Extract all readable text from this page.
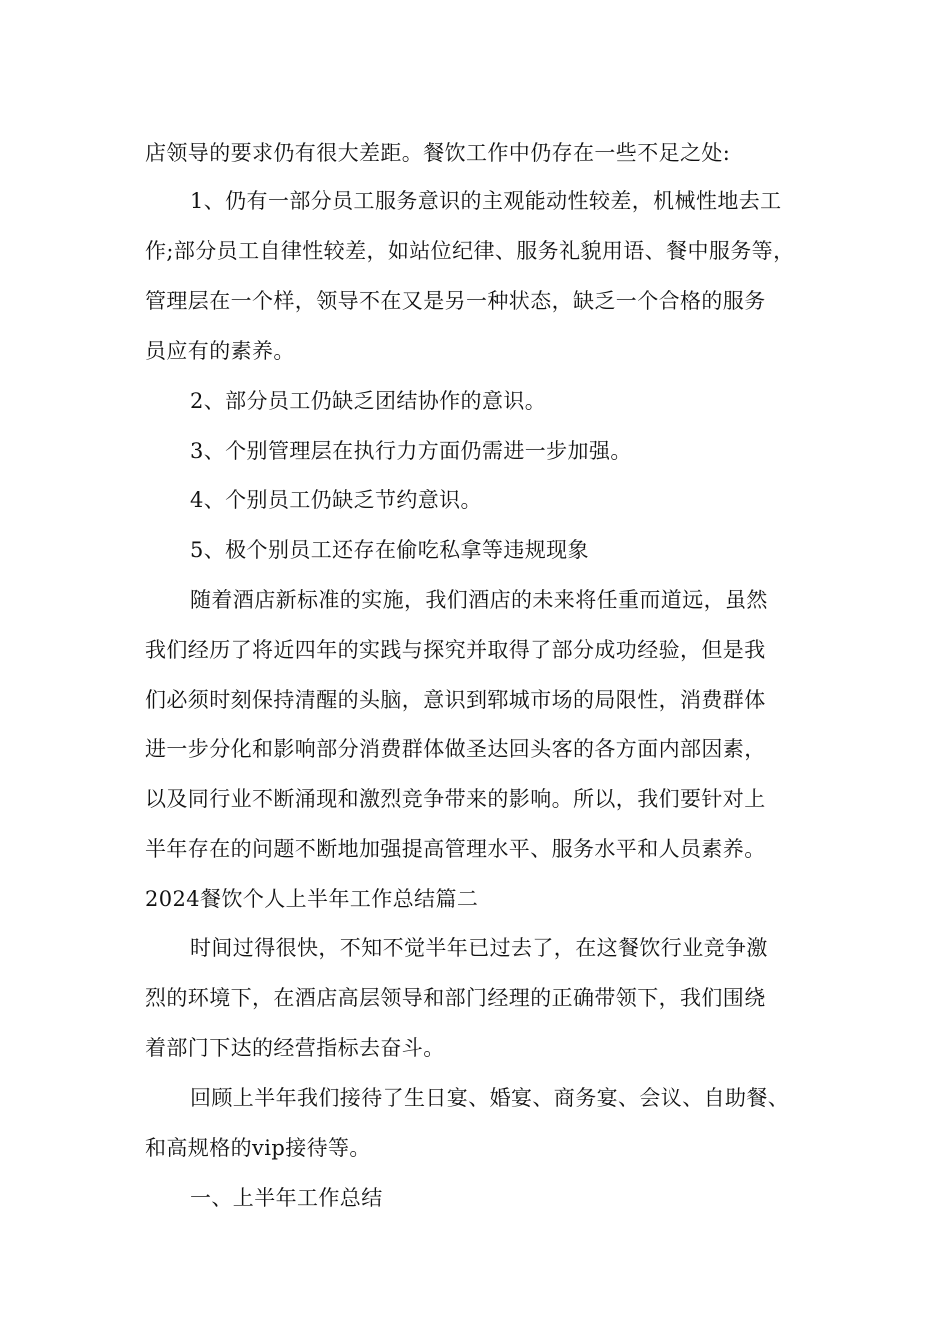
店领导的要求仍有很大差距。餐饮工作中仍存在一些不足之处:
1、仍有一部分员工服务意识的主观能动性较差，机械性地去工
作;部分员工自律性较差，如站位纪律、服务礼貌用语、餐中服务等，
管理层在一个样，领导不在又是另一种状态，缺乏一个合格的服务
员应有的素养。
2、部分员工仍缺乏团结协作的意识。
3、个别管理层在执行力方面仍需进一步加强。
4、个别员工仍缺乏节约意识。
5、极个别员工还存在偷吃私拿等违规现象
随着酒店新标准的实施，我们酒店的未来将任重而道远，虽然
我们经历了将近四年的实践与探究并取得了部分成功经验，但是我
们必须时刻保持清醒的头脑，意识到郓城市场的局限性，消费群体
进一步分化和影响部分消费群体做圣达回头客的各方面内部因素，
以及同行业不断涌现和激烈竞争带来的影响。所以，我们要针对上
半年存在的问题不断地加强提高管理水平、服务水平和人员素养。
2024餐饮个人上半年工作总结篇二
时间过得很快，不知不觉半年已过去了，在这餐饮行业竞争激
烈的环境下，在酒店高层领导和部门经理的正确带领下，我们围绕
着部门下达的经营指标去奋斗。
回顾上半年我们接待了生日宴、婚宴、商务宴、会议、自助餐、
和高规格的vip接待等。
一、上半年工作总结
